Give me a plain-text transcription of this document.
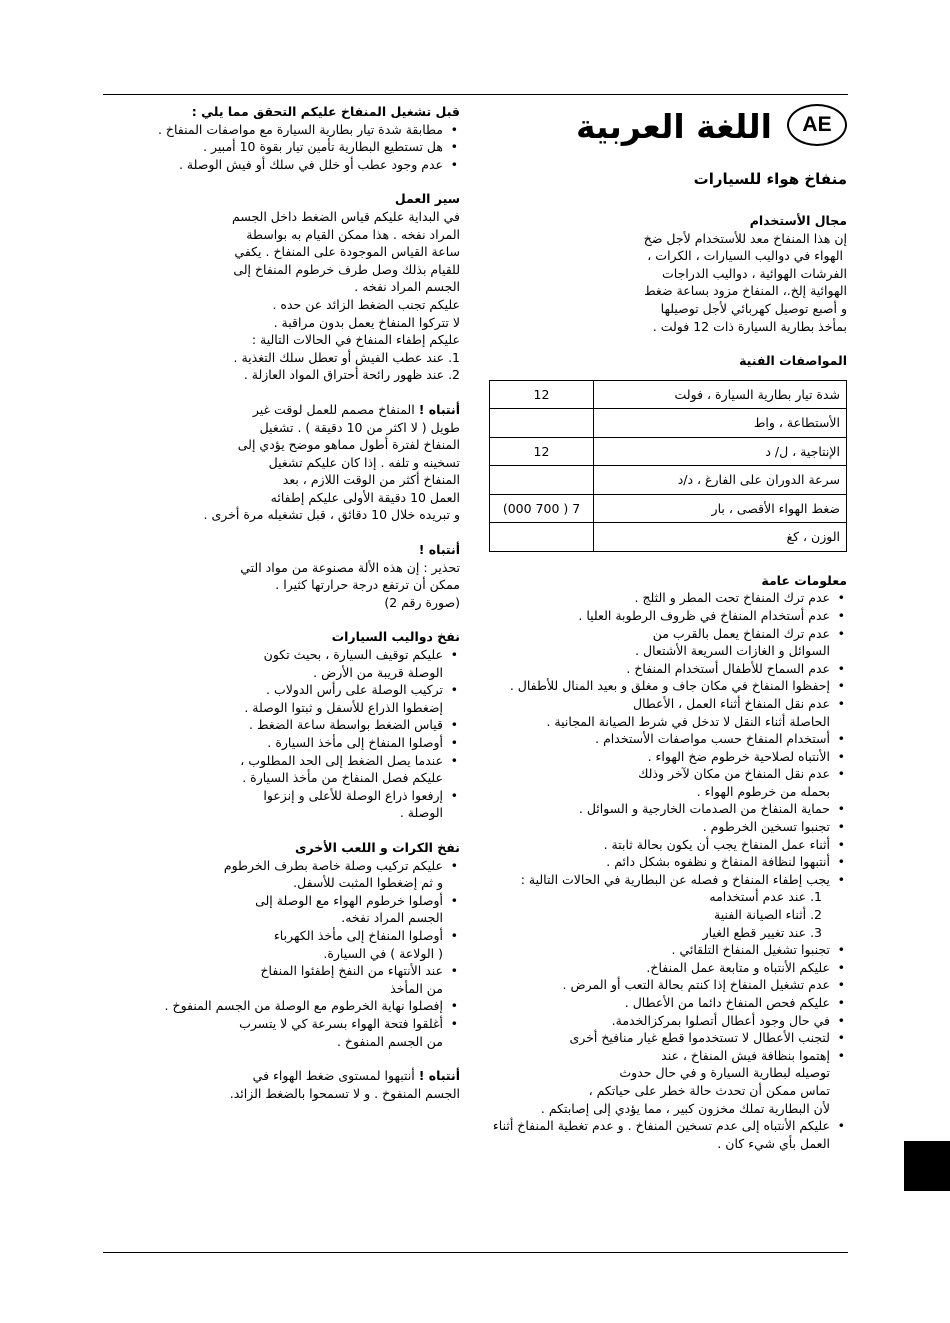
AE
اللغة العربية
منفاخ هواء للسيارات

مجال الأستخدام

إن هذا المنفاخ معد للأستخدام لأجل ضخ

الهواء في دواليب السيارات ، الكرات ،

الفرشات الهوائية ، دواليب الدراجات

الهوائية إلخ.، المنفاخ مزود بساعة ضغط

و أصبع توصيل كهربائي لأجل توصيلها

بمأخذ بطارية السيارة ذات 12 فولت .

المواصفات الفنية

شدة تيار بطارية السيارة ، فولت	12
الأستطاعة ، واط	
الإنتاجية ، ل/ د	12
سرعة الدوران على الفارغ ، د/د	
ضغط الهواء الأقصى ، بار	7 ( 700 000)
الوزن ، كغ	

معلومات عامة

• عدم ترك المنفاخ تحت المطر و الثلج .
• عدم أستخدام المنفاخ في ظروف الرطوبة العليا .
• عدم ترك المنفاخ يعمل بالقرب من
السوائل و الغازات السريعة الأشتعال .
• عدم السماح للأطفال أستخدام المنفاخ .
• إحفظوا المنفاخ في مكان جاف و مغلق و بعيد المنال للأطفال .
• عدم نقل المنفاخ أثناء العمل ، الأعطال
الحاصلة أثناء النقل لا تدخل في شرط الصيانة المجانية .
• أستخدام المنفاخ حسب مواصفات الأستخدام .
• الأنتباه لصلاحية خرطوم ضخ الهواء .
• عدم نقل المنفاخ من مكان لآخر وذلك
بحمله من خرطوم الهواء .
• حماية المنفاخ من الصدمات الخارجية و السوائل .
• تجنبوا تسخين الخرطوم .
• أثناء عمل المنفاخ يجب أن يكون بحالة ثابتة .
• أنتبهوا لنظافة المنفاخ و نظفوه بشكل دائم .
• يجب إطفاء المنفاخ و فصله عن البطارية في الحالات التالية :

1. عند عدم أستخدامه

2. أثناء الصيانة الفنية

3. عند تغيير قطع الغيار

• تجنبوا تشغيل المنفاخ التلقائي .
• عليكم الأنتباه و متابعة عمل المنفاخ.
• عدم تشغيل المنفاخ إذا كنتم بحالة التعب أو المرض .
• عليكم فحص المنفاخ دائما من الأعطال .
• في حال وجود أعطال أتصلوا بمركزالخدمة.
• لتجنب الأعطال لا تستخدموا قطع غيار منافيخ أخرى
• إهتموا بنظافة فيش المنفاخ ، عند
توصيله لبطارية السيارة و في حال حدوث
تماس ممكن أن تحدث حالة خطر على حياتكم ،
لأن البطارية تملك مخزون كبير ، مما يؤدي إلى إصابتكم .
• عليكم الأنتباه إلى عدم تسخين المنفاخ . و عدم تغطية المنفاخ أثناء
العمل بأي شيء كان .

قبل تشغيل المنفاخ عليكم التحقق مما يلي :

• مطابقة شدة تيار بطارية السيارة مع مواصفات المنفاخ .
• هل تستطيع البطارية تأمين تيار بقوة 10 أمبير .
• عدم وجود عطب أو خلل في سلك أو فيش الوصلة .

سير العمل

في البداية عليكم قياس الضغط داخل الجسم

المراد نفخه . هذا ممكن القيام به بواسطة

ساعة القياس الموجودة على المنفاخ . يكفي

للقيام بذلك وصل طرف خرطوم المنفاخ إلى

الجسم المراد نفخه .

عليكم تجنب الضغط الزائد عن حده .

لا تتركوا المنفاخ يعمل بدون مراقبة .

عليكم إطفاء المنفاخ في الحالات التالية :

1. عند عطب الفيش أو تعطل سلك التغذية .

2. عند ظهور رائحة أحتراق المواد العازلة .

أنتباه ! المنفاخ مصمم للعمل لوقت غير

طويل ( لا اكثر من 10 دقيقة ) . تشغيل

المنفاخ لفترة أطول مماهو موضح يؤدي إلى

تسخينه و تلفه . إذا كان عليكم تشغيل

المنفاخ أكثر من الوقت اللازم ، بعد

العمل 10 دقيقة الأولى عليكم إطفائه

و تبريده خلال 10 دقائق ، قبل تشغيله مرة أخرى .

أنتباه !

تحذير : إن هذه الألة مصنوعة من مواد التي

ممكن أن ترتفع درجة حرارتها كثيرا .

(صورة رقم 2)

نفخ دواليب السيارات

• عليكم توقيف السيارة ، بحيث تكون
الوصلة قريبة من الأرض .
• تركيب الوصلة على رأس الدولاب .
إضغطوا الذراع للأسفل و ثبتوا الوصلة .
• قياس الضغط بواسطة ساعة الضغط .
• أوصلوا المنفاخ إلى مأخذ السيارة .
• عندما يصل الضغط إلى الحد المطلوب ،
عليكم فصل المنفاخ من مأخذ السيارة .
• إرفعوا ذراع الوصلة للأعلى و إنزعوا
الوصلة .

نفخ الكرات و اللعب الأخرى

• عليكم تركيب وصلة خاصة بطرف الخرطوم
و ثم إضغطوا المثبت للأسفل.
• أوصلوا خرطوم الهواء مع الوصلة إلى
الجسم المراد نفخه.
• أوصلوا المنفاخ إلى مأخذ الكهرباء
( الولاعة ) في السيارة.
• عند الأنتهاء من النفخ إطفئوا المنفاخ
من المأخذ
• إفصلوا نهاية الخرطوم مع الوصلة من الجسم المنفوخ .
• أغلقوا فتحة الهواء بسرعة كي لا يتسرب
من الجسم المنفوخ .

أنتباه ! أنتبهوا لمستوى ضغط الهواء في

الجسم المنفوخ . و لا تسمحوا بالضغط الزائد.
